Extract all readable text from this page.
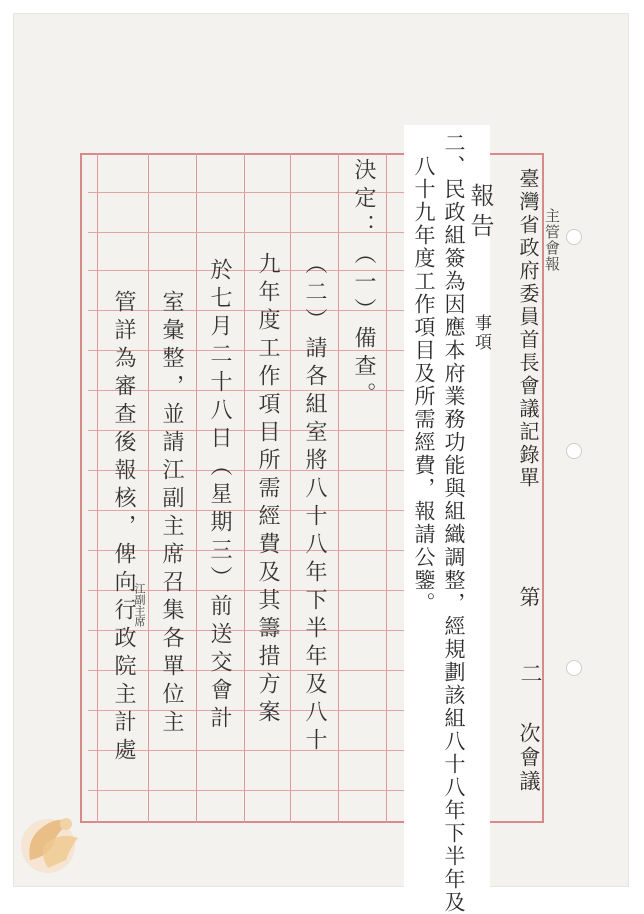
臺灣省政府委員首長會議記錄單 主管會報
第
二
次會議
報告
事項
二、民政組簽為因應本府業務功能與組織調整，經規劃該組八十八年下半年及
八十九年度工作項目及所需經費，報請公鑒。
決定：（一）備查。
（二）請各組室將八十八年下半年及八十
九年度工作項目所需經費及其籌措方案
於七月二十八日（星期三）前送交會計
室彙整，並請江副主席召集各單位主
管詳為審查後報核，俾向行政院主計處
江副主席
